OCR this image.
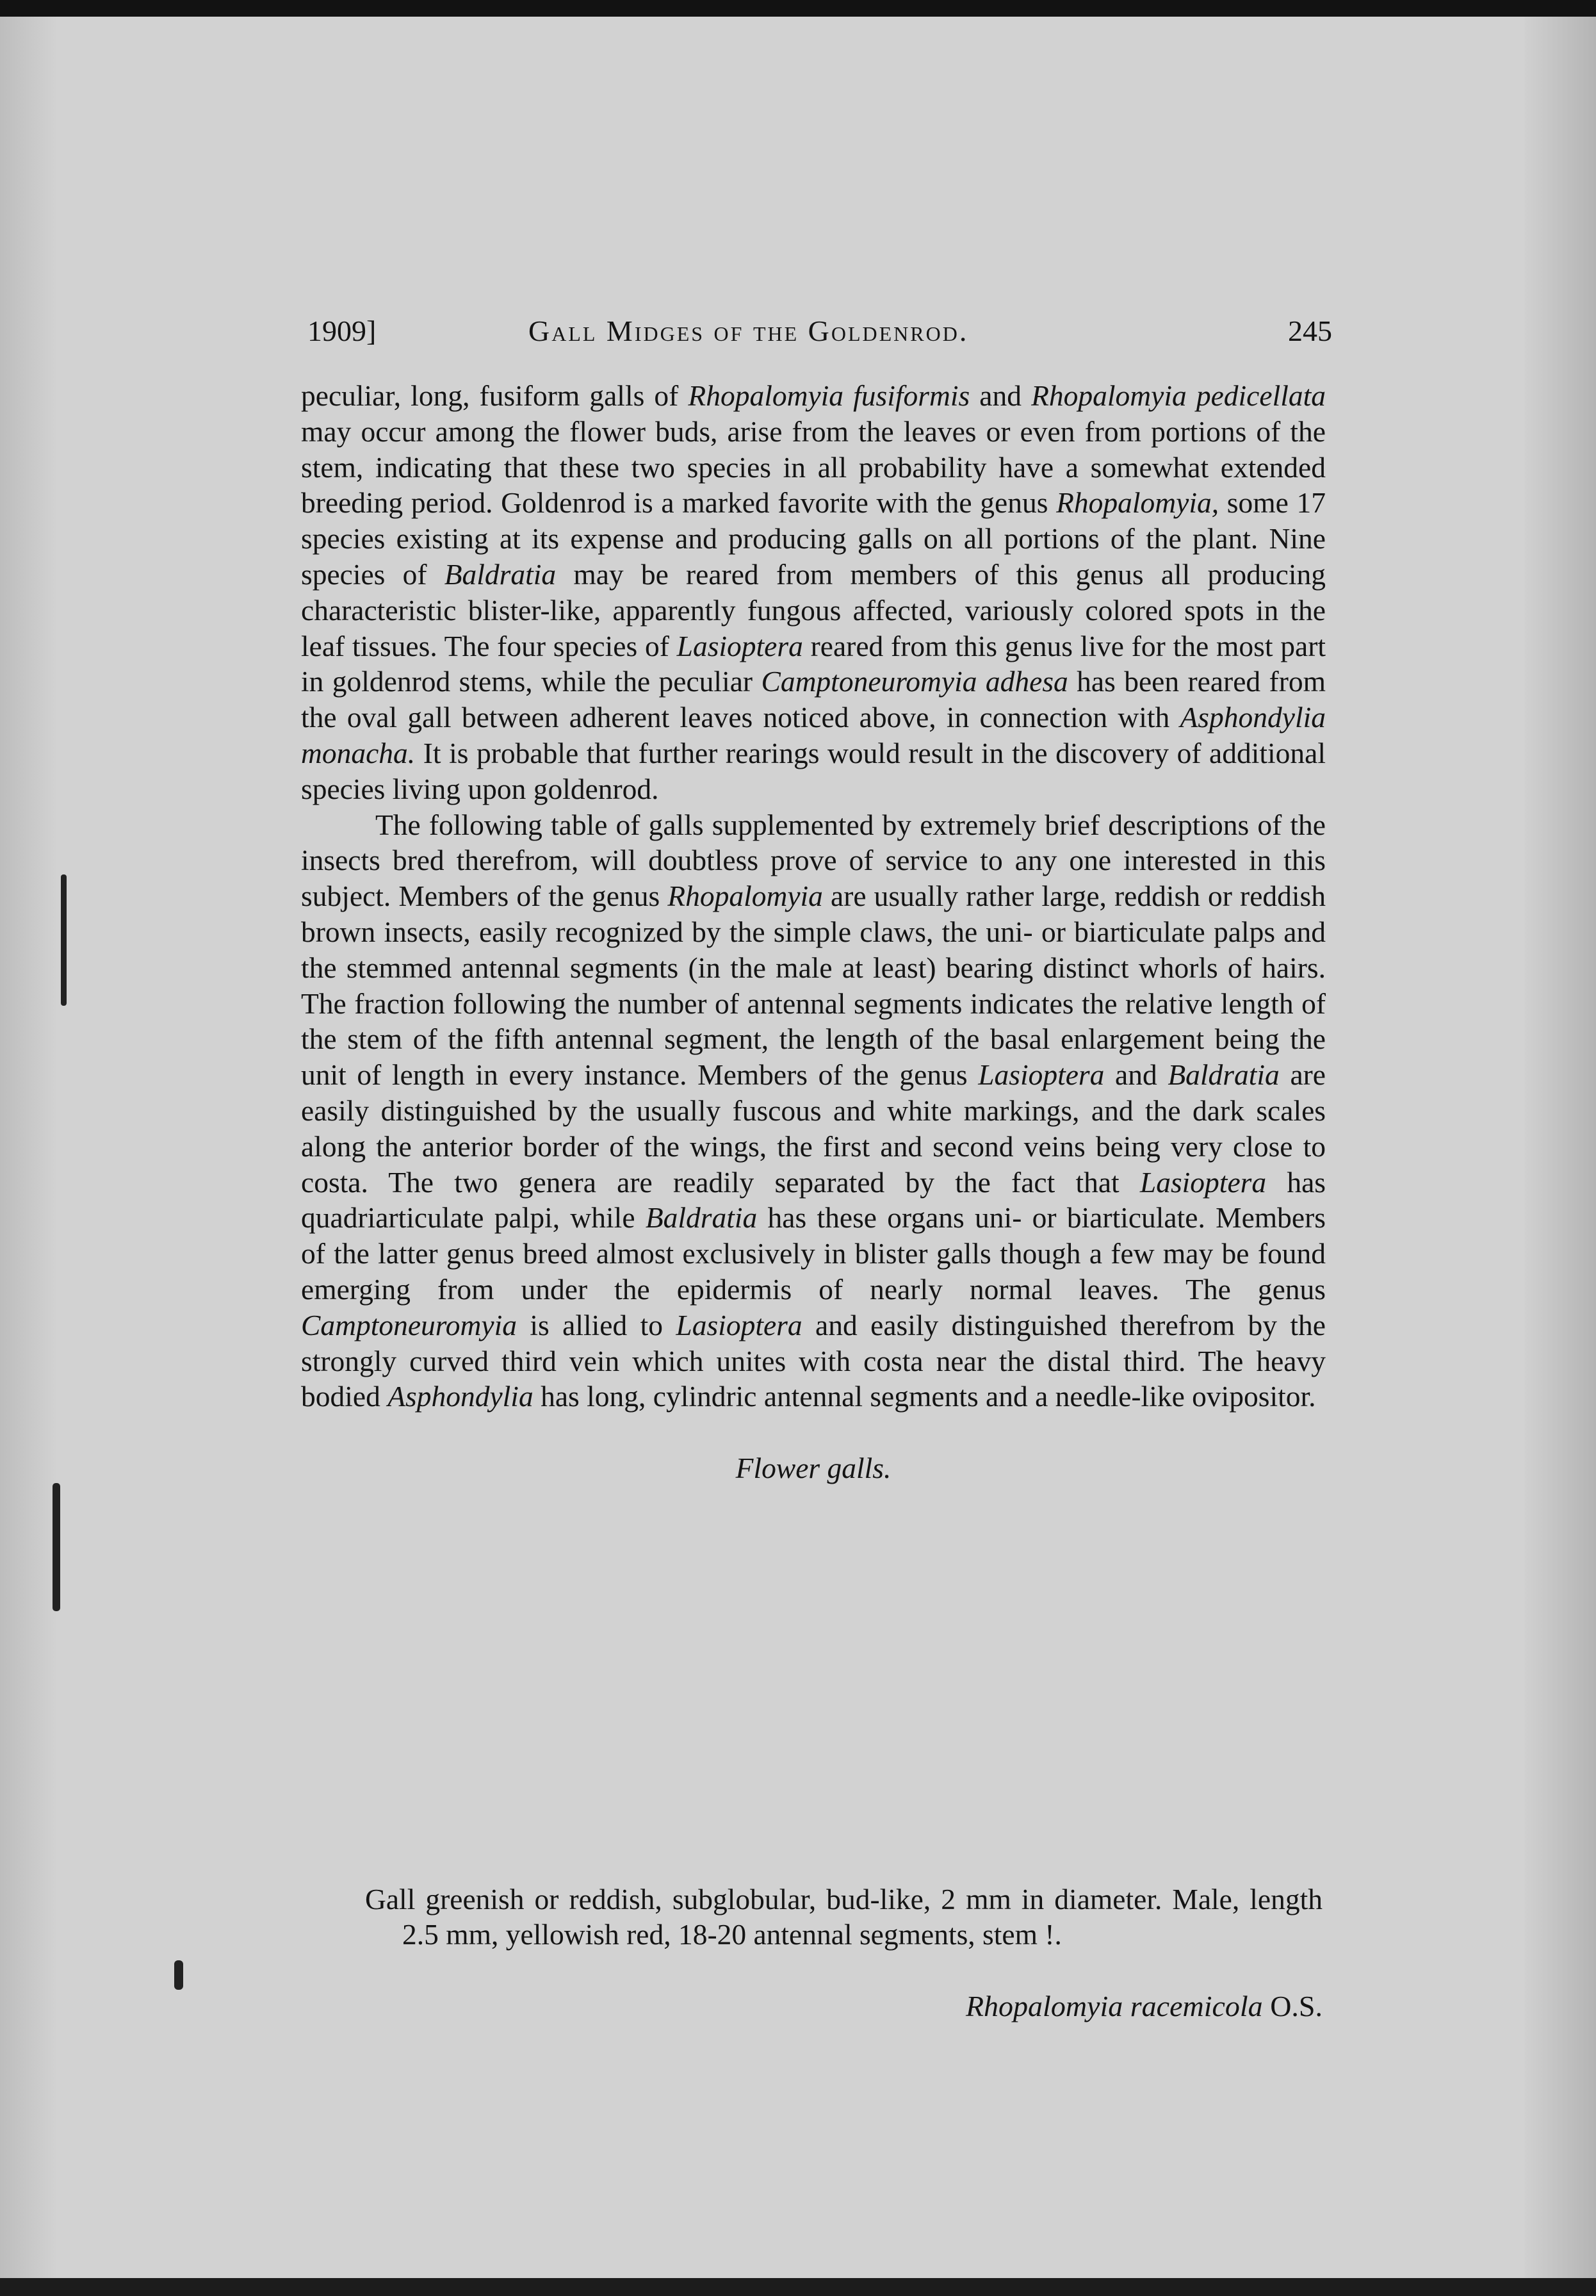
1909]	Gall Midges of the Goldenrod.	245

peculiar, long, fusiform galls of Rhopalomyia fusiformis and Rhopalomyia pedicellata may occur among the flower buds, arise from the leaves or even from portions of the stem, indicating that these two species in all probability have a somewhat extended breeding period. Goldenrod is a marked favorite with the genus Rhopalomyia, some 17 species existing at its expense and producing galls on all portions of the plant. Nine species of Baldratia may be reared from members of this genus all producing characteristic blister-like, apparently fungous affected, variously colored spots in the leaf tissues. The four species of Lasioptera reared from this genus live for the most part in goldenrod stems, while the peculiar Camptoneuromyia adhesa has been reared from the oval gall between adherent leaves noticed above, in connection with Asphondylia monacha. It is probable that further rearings would result in the discovery of additional species living upon goldenrod.

The following table of galls supplemented by extremely brief descriptions of the insects bred therefrom, will doubtless prove of service to any one interested in this subject. Members of the genus Rhopalomyia are usually rather large, reddish or reddish brown insects, easily recognized by the simple claws, the uni- or biarticulate palps and the stemmed antennal segments (in the male at least) bearing distinct whorls of hairs. The fraction following the number of antennal segments indicates the relative length of the stem of the fifth antennal segment, the length of the basal enlargement being the unit of length in every instance. Members of the genus Lasioptera and Baldratia are easily distinguished by the usually fuscous and white markings, and the dark scales along the anterior border of the wings, the first and second veins being very close to costa. The two genera are readily separated by the fact that Lasioptera has quadriarticulate palpi, while Baldratia has these organs uni- or biarticulate. Members of the latter genus breed almost exclusively in blister galls though a few may be found emerging from under the epidermis of nearly normal leaves. The genus Camptoneuromyia is allied to Lasioptera and easily distinguished therefrom by the strongly curved third vein which unites with costa near the distal third. The heavy bodied Asphondylia has long, cylindric antennal segments and a needle-like ovipositor.

Flower galls.

Gall greenish or reddish, subglobular, bud-like, 2 mm in diameter. Male, length 2.5 mm, yellowish red, 18-20 antennal segments, stem !.

Rhopalomyia racemicola O.S.
